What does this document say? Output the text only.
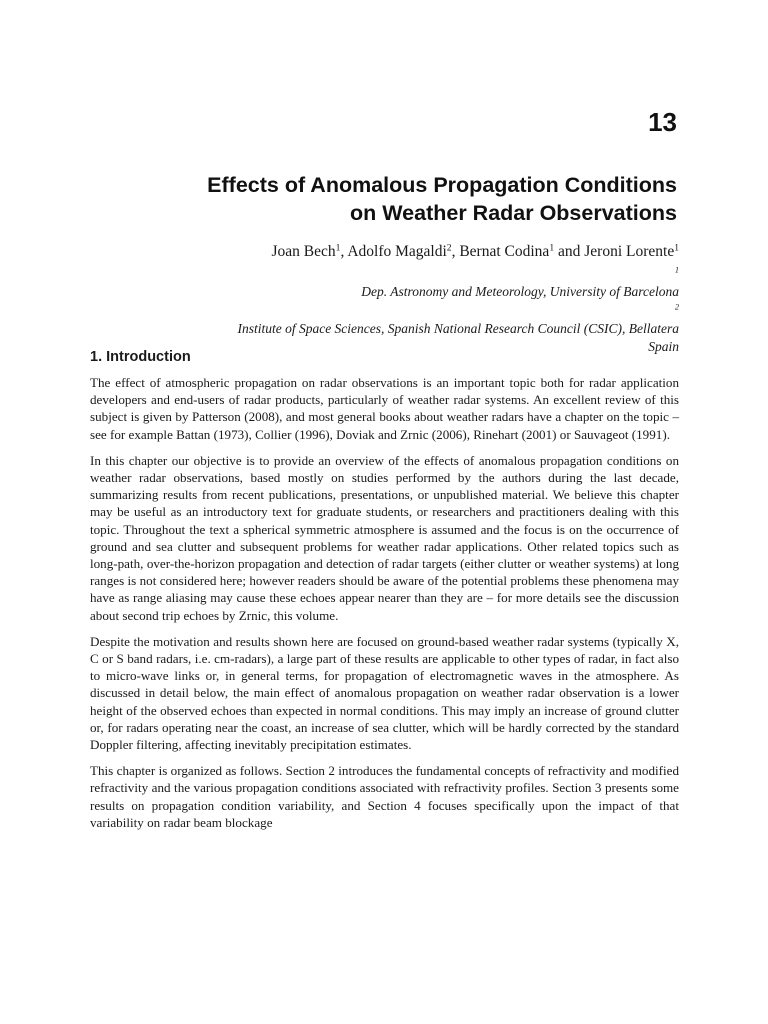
13
Effects of Anomalous Propagation Conditions
on Weather Radar Observations
Joan Bech$^1$, Adolfo Magaldi$^2$, Bernat Codina$^1$ and Jeroni Lorente$^1$
$^1$
Dep. Astronomy and Meteorology, University of Barcelona
$^2$
Institute of Space Sciences, Spanish National Research Council (CSIC), Bellatera
Spain
1. Introduction

The effect of atmospheric propagation on radar observations is an important topic both for radar application developers and end-users of radar products, particularly of weather radar systems. An excellent review of this subject is given by Patterson (2008), and most general books about weather radars have a chapter on the topic –see for example Battan (1973), Collier (1996), Doviak and Zrnic (2006), Rinehart (2001) or Sauvageot (1991).

In this chapter our objective is to provide an overview of the effects of anomalous propagation conditions on weather radar observations, based mostly on studies performed by the authors during the last decade, summarizing results from recent publications, presentations, or unpublished material. We believe this chapter may be useful as an introductory text for graduate students, or researchers and practitioners dealing with this topic. Throughout the text a spherical symmetric atmosphere is assumed and the focus is on the occurrence of ground and sea clutter and subsequent problems for weather radar applications. Other related topics such as long-path, over-the-horizon propagation and detection of radar targets (either clutter or weather systems) at long ranges is not considered here; however readers should be aware of the potential problems these phenomena may have as range aliasing may cause these echoes appear nearer than they are – for more details see the discussion about second trip echoes by Zrnic, this volume.

Despite the motivation and results shown here are focused on ground-based weather radar systems (typically X, C or S band radars, i.e. cm-radars), a large part of these results are applicable to other types of radar, in fact also to micro-wave links or, in general terms, for propagation of electromagnetic waves in the atmosphere. As discussed in detail below, the main effect of anomalous propagation on weather radar observation is a lower height of the observed echoes than expected in normal conditions. This may imply an increase of ground clutter or, for radars operating near the coast, an increase of sea clutter, which will be hardly corrected by the standard Doppler filtering, affecting inevitably precipitation estimates.

This chapter is organized as follows. Section 2 introduces the fundamental concepts of refractivity and modified refractivity and the various propagation conditions associated with refractivity profiles. Section 3 presents some results on propagation condition variability, and Section 4 focuses specifically upon the impact of that variability on radar beam blockage
